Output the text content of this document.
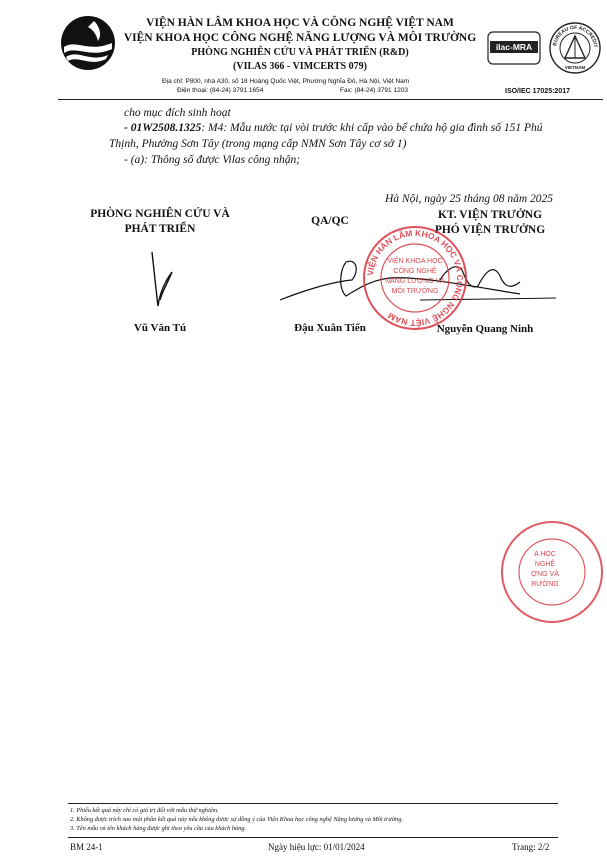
VIỆN HÀN LÂM KHOA HỌC VÀ CÔNG NGHỆ VIỆT NAM
VIỆN KHOA HỌC CÔNG NGHỆ NĂNG LƯỢNG VÀ MÔI TRƯỜNG
PHÒNG NGHIÊN CỨU VÀ PHÁT TRIỂN (R&D)
(VILAS 366 - VIMCERTS 079)
Địa chỉ: P800, nhà A30, số 18 Hoàng Quốc Việt, Phường Nghĩa Đô, Hà Nội, Việt Nam
Điện thoại: (84-24) 3791 1654	Fax: (84-24) 3791 1203
ilac-MRA	BUREAU OF ACCREDIT
VIETNAM
ISO/IEC 17025:2017
cho mục đích sinh hoạt
- 01W2508.1325: M4: Mẫu nước tại vòi trước khi cấp vào bể chứa hộ gia đình số 151 Phú
Thịnh, Phường Sơn Tây (trong mạng cấp NMN Sơn Tây cơ sở 1)
- (a): Thông số được Vilas công nhận;
Hà Nội, ngày 25 tháng 08 năm 2025
PHÒNG NGHIÊN CỨU VÀ
PHÁT TRIỂN
QA/QC	KT. VIỆN TRƯỞNG
PHÓ VIỆN TRƯỞNG
VIỆN HÀN LÂM KHOA HỌC VÀ CÔNG NGHỆ VIỆT NAM
VIỆN KHOA HỌC
CÔNG NGHỆ
NĂNG LƯỢNG VÀ
MÔI TRƯỜNG
Vũ Văn Tú	Đậu Xuân Tiến	Nguyễn Quang Ninh
A HỌC
NGHỆ
ỢNG VÀ
RƯỜNG
1. Phiếu kết quả này chỉ có giá trị đối với mẫu thử nghiệm.
2. Không được trích sao một phần kết quả này nếu không được sự đồng ý của Viện Khoa học công nghệ Năng lượng và Môi trường.
3. Tên mẫu và tên khách hàng được ghi theo yêu cầu của khách hàng.
BM 24-1	Ngày hiệu lực: 01/01/2024	Trang: 2/2
